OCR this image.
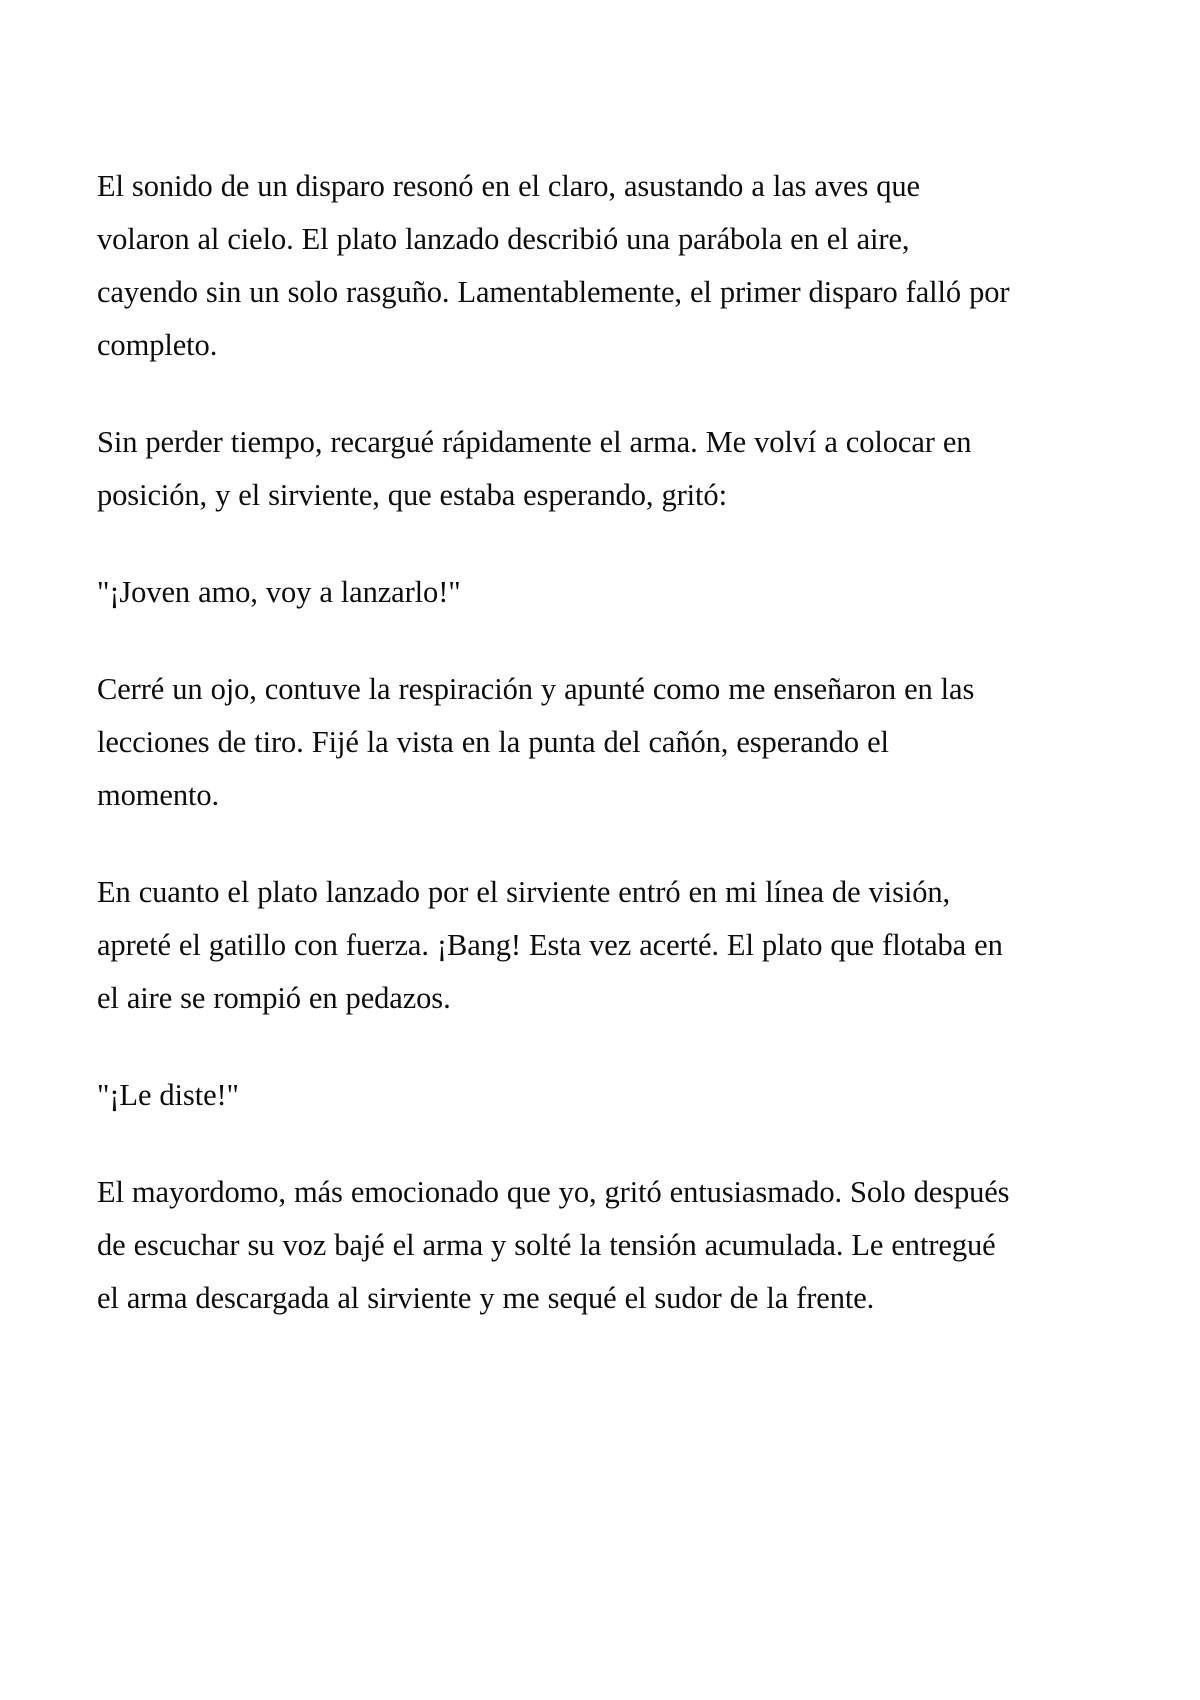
El sonido de un disparo resonó en el claro, asustando a las aves que volaron al cielo. El plato lanzado describió una parábola en el aire, cayendo sin un solo rasguño. Lamentablemente, el primer disparo falló por completo.

Sin perder tiempo, recargué rápidamente el arma. Me volví a colocar en posición, y el sirviente, que estaba esperando, gritó:

"¡Joven amo, voy a lanzarlo!"

Cerré un ojo, contuve la respiración y apunté como me enseñaron en las lecciones de tiro. Fijé la vista en la punta del cañón, esperando el momento.

En cuanto el plato lanzado por el sirviente entró en mi línea de visión, apreté el gatillo con fuerza. ¡Bang! Esta vez acerté. El plato que flotaba en el aire se rompió en pedazos.

"¡Le diste!"

El mayordomo, más emocionado que yo, gritó entusiasmado. Solo después de escuchar su voz bajé el arma y solté la tensión acumulada. Le entregué el arma descargada al sirviente y me sequé el sudor de la frente.
